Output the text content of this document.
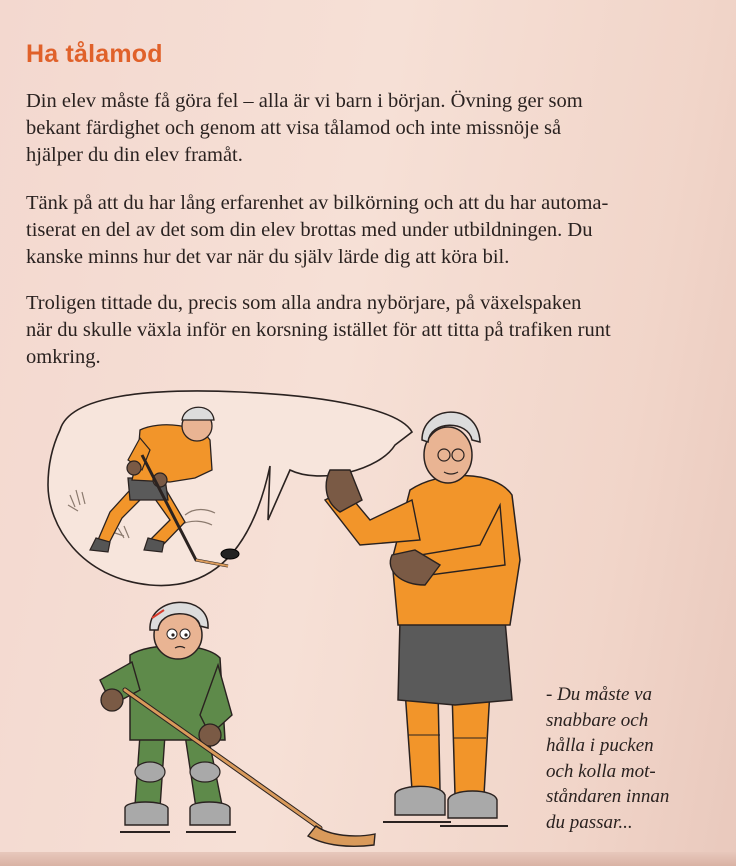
Ha tålamod

Din elev måste få göra fel – alla är vi barn i början. Övning ger som
bekant färdighet och genom att visa tålamod och inte missnöje så
hjälper du din elev framåt.

Tänk på att du har lång erfarenhet av bilkörning och att du har automa-
tiserat en del av det som din elev brottas med under utbildningen. Du
kanske minns hur det var när du själv lärde dig att köra bil.

Troligen tittade du, precis som alla andra nybörjare, på växelspaken
när du skulle växla inför en korsning istället för att titta på trafiken runt
omkring.

- Du måste va
snabbare och
hålla i pucken
och kolla mot-
ståndaren innan
du passar...
